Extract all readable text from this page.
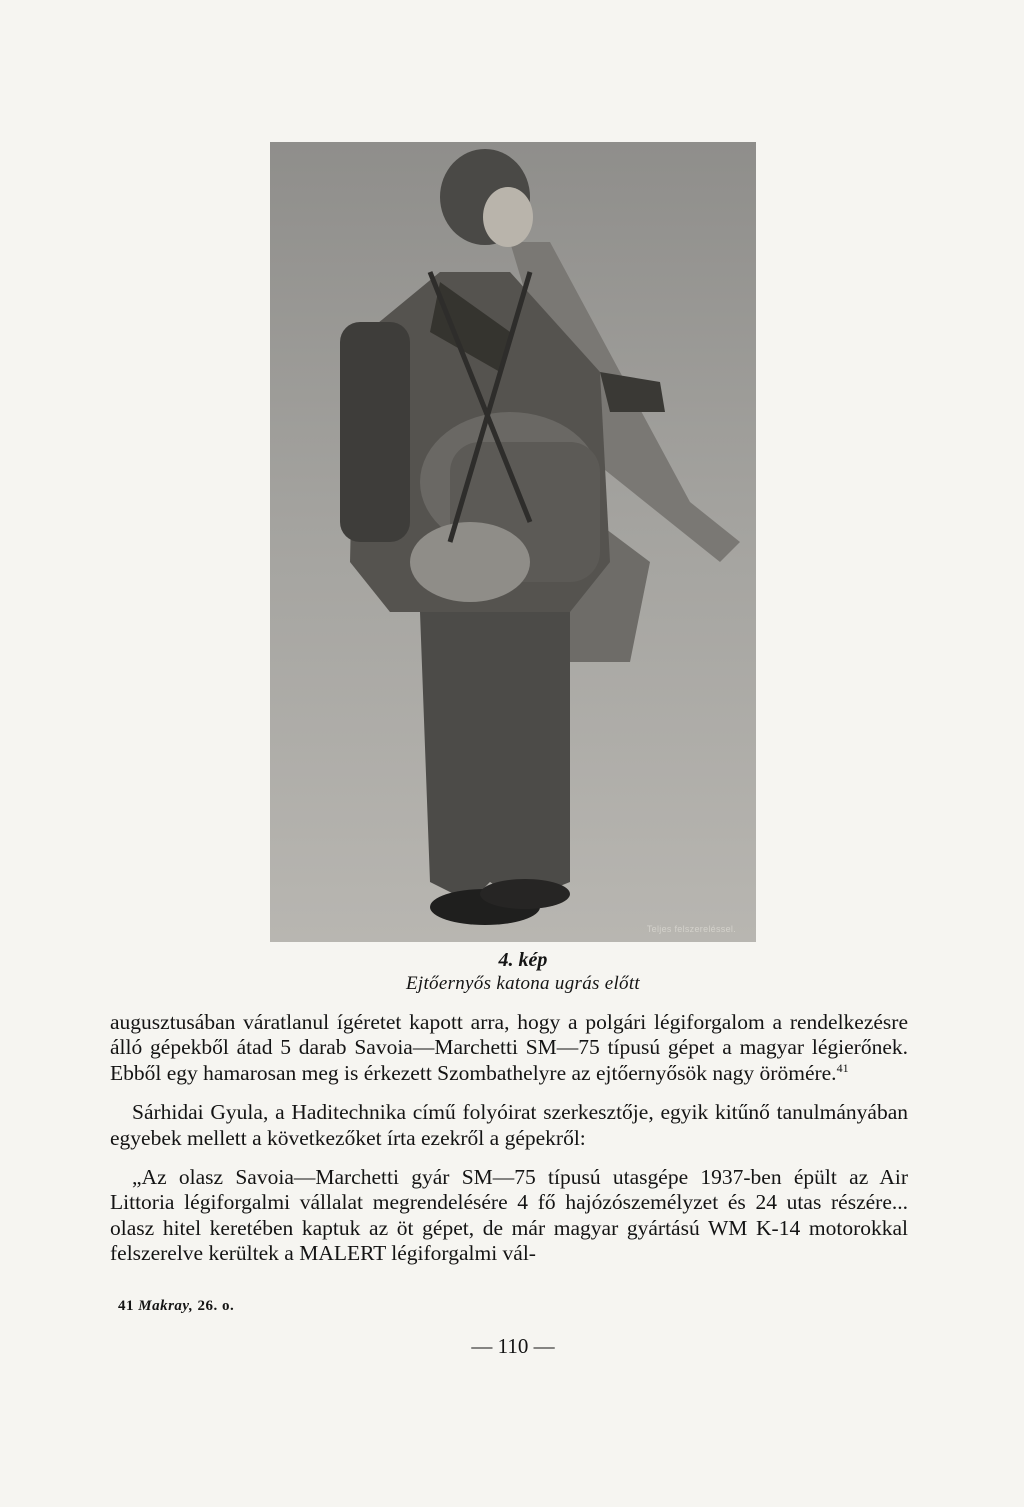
Teljes felszereléssel.
4. kép
Ejtőernyős katona ugrás előtt

augusztusában váratlanul ígéretet kapott arra, hogy a polgári légiforgalom a rendelkezésre álló gépekből átad 5 darab Savoia—Marchetti SM—75 típusú gépet a magyar légierőnek. Ebből egy hamarosan meg is érkezett Szombathelyre az ejtőernyősök nagy örömére.$^{41}$

Sárhidai Gyula, a Haditechnika című folyóirat szerkesztője, egyik kitűnő tanulmányában egyebek mellett a következőket írta ezekről a gépekről:

„Az olasz Savoia—Marchetti gyár SM—75 típusú utasgépe 1937-ben épült az Air Littoria légiforgalmi vállalat megrendelésére 4 fő hajózószemélyzet és 24 utas részére... olasz hitel keretében kaptuk az öt gépet, de már magyar gyártású WM K-14 motorokkal felszerelve kerültek a MALERT légiforgalmi vál-

41 Makray, 26. o.
— 110 —
